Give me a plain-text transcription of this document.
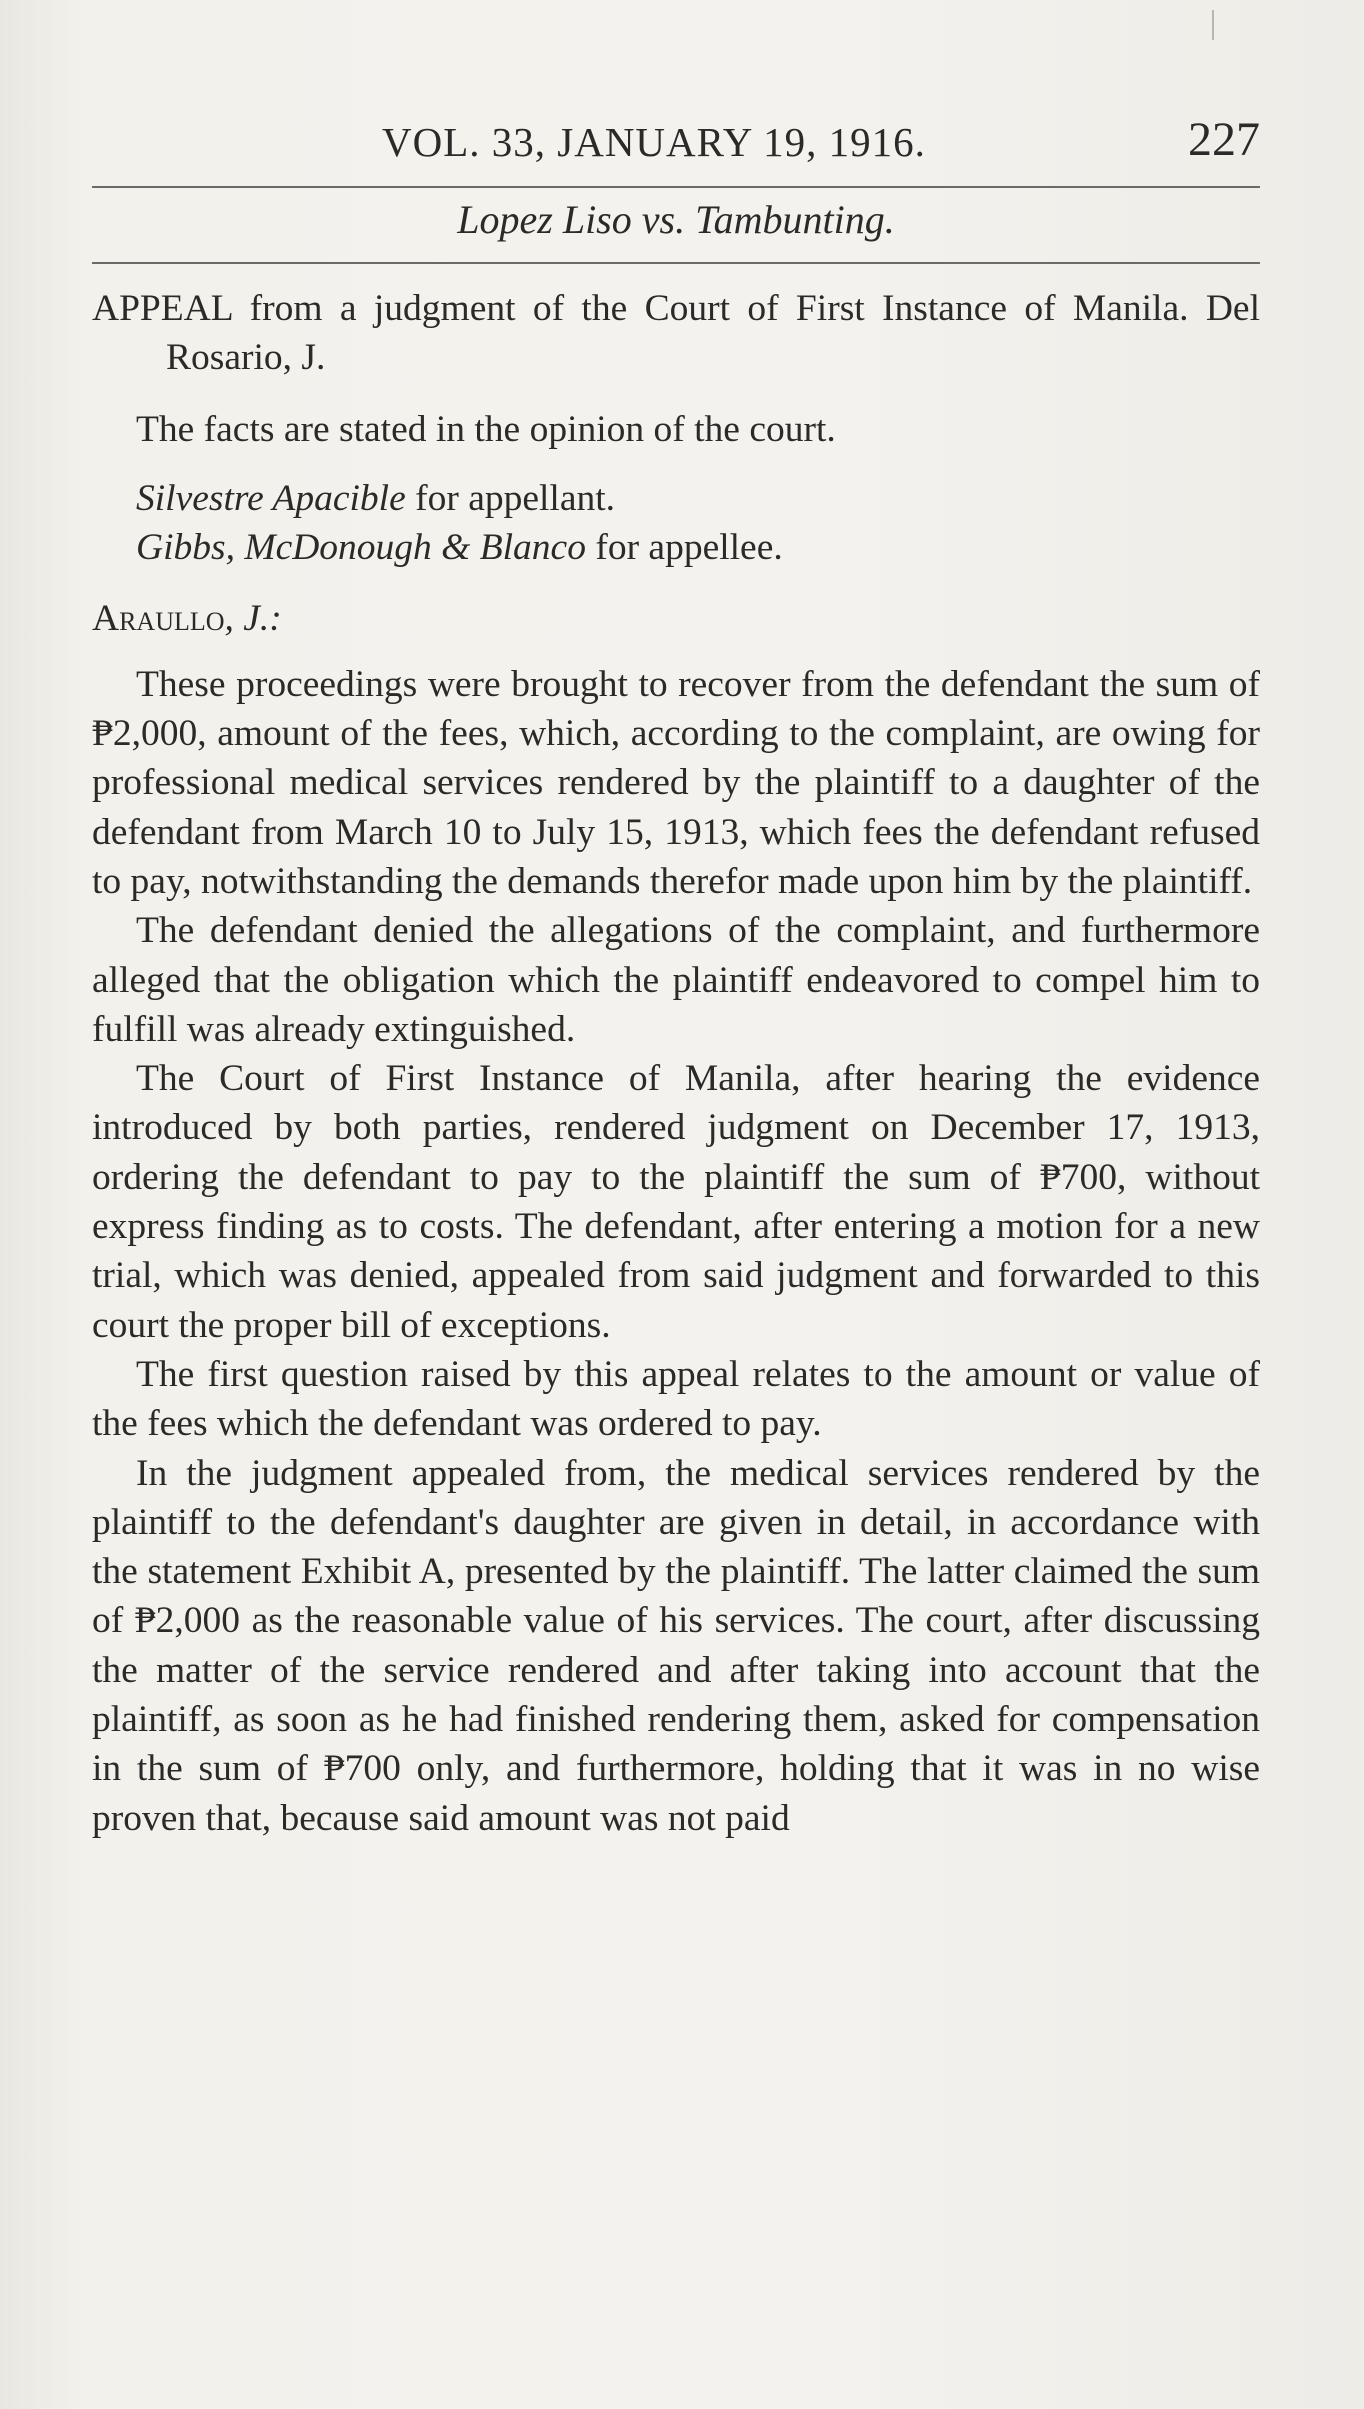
VOL. 33, JANUARY 19, 1916.	227
Lopez Liso vs. Tambunting.

APPEAL from a judgment of the Court of First Instance of Manila. Del Rosario, J.

The facts are stated in the opinion of the court.

Silvestre Apacible for appellant.

Gibbs, McDonough & Blanco for appellee.

Araullo, J.:

These proceedings were brought to recover from the defendant the sum of ₱2,000, amount of the fees, which, according to the complaint, are owing for professional medical services rendered by the plaintiff to a daughter of the defendant from March 10 to July 15, 1913, which fees the defendant refused to pay, notwithstanding the demands therefor made upon him by the plaintiff.

The defendant denied the allegations of the complaint, and furthermore alleged that the obligation which the plaintiff endeavored to compel him to fulfill was already extinguished.

The Court of First Instance of Manila, after hearing the evidence introduced by both parties, rendered judgment on December 17, 1913, ordering the defendant to pay to the plaintiff the sum of ₱700, without express finding as to costs. The defendant, after entering a motion for a new trial, which was denied, appealed from said judgment and forwarded to this court the proper bill of exceptions.

The first question raised by this appeal relates to the amount or value of the fees which the defendant was ordered to pay.

In the judgment appealed from, the medical services rendered by the plaintiff to the defendant's daughter are given in detail, in accordance with the statement Exhibit A, presented by the plaintiff. The latter claimed the sum of ₱2,000 as the reasonable value of his services. The court, after discussing the matter of the service rendered and after taking into account that the plaintiff, as soon as he had finished rendering them, asked for compensation in the sum of ₱700 only, and furthermore, holding that it was in no wise proven that, because said amount was not paid
